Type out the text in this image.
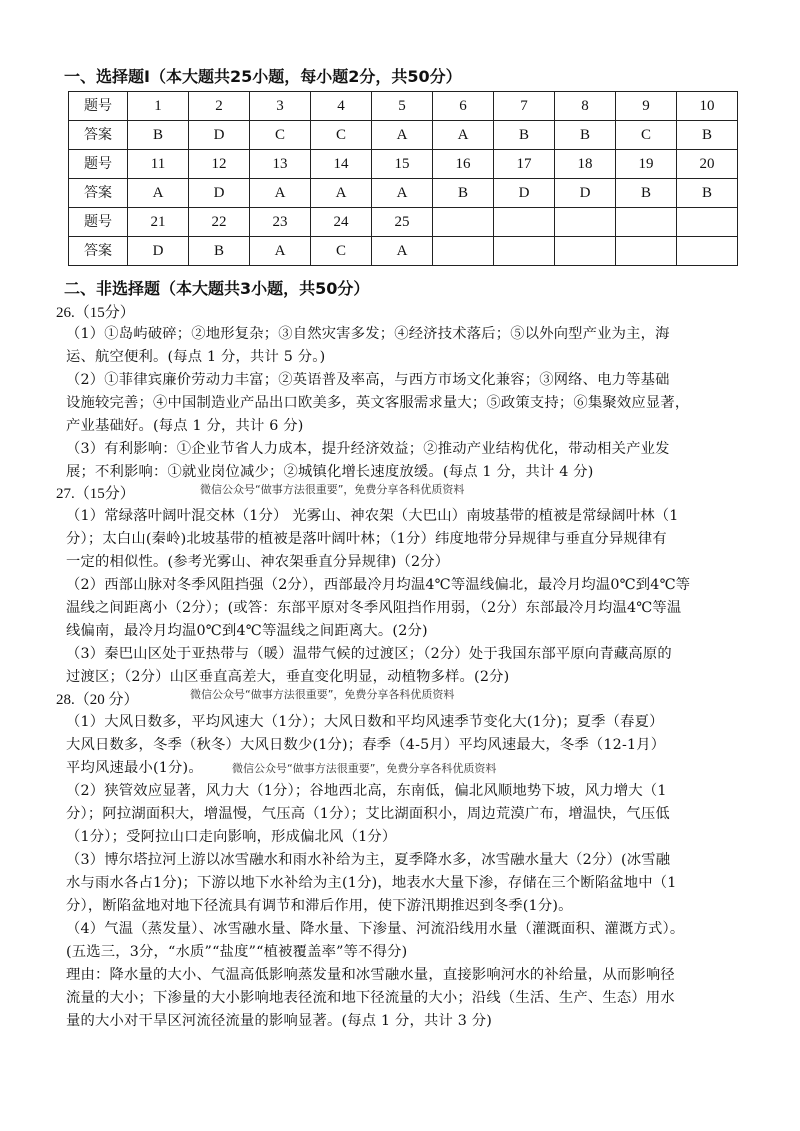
一、选择题Ⅰ（本大题共25小题，每小题2分，共50分）
题号	1	2	3	4	5	6	7	8	9	10
答案	B	D	C	C	A	A	B	B	C	B
题号	11	12	13	14	15	16	17	18	19	20
答案	A	D	A	A	A	B	D	D	B	B
题号	21	22	23	24	25					
答案	D	B	A	C	A					
二、非选择题（本大题共3小题，共50分）
26.（15分）
（1）①岛屿破碎；②地形复杂；③自然灾害多发；④经济技术落后；⑤以外向型产业为主，海
运、航空便利。(每点 1 分，共计 5 分。)
（2）①菲律宾廉价劳动力丰富；②英语普及率高，与西方市场文化兼容；③网络、电力等基础
设施较完善；④中国制造业产品出口欧美多，英文客服需求量大；⑤政策支持；⑥集聚效应显著，
产业基础好。(每点 1 分，共计 6 分)
（3）有利影响：①企业节省人力成本，提升经济效益；②推动产业结构优化，带动相关产业发
展；不利影响：①就业岗位减少；②城镇化增长速度放缓。(每点 1 分，共计 4 分)
27.（15分）	微信公众号“做事方法很重要”，免费分享各科优质资料
（1）常绿落叶阔叶混交林（1分） 光雾山、神农架（大巴山）南坡基带的植被是常绿阔叶林（1
分）；太白山(秦岭)北坡基带的植被是落叶阔叶林；（1分）纬度地带分异规律与垂直分异规律有
一定的相似性。(参考光雾山、神农架垂直分异规律)（2分）
（2）西部山脉对冬季风阻挡强（2分），西部最冷月均温4℃等温线偏北，最冷月均温0℃到4℃等
温线之间距离小（2分）；(或答：东部平原对冬季风阻挡作用弱，（2分）东部最冷月均温4℃等温
线偏南，最冷月均温0℃到4℃等温线之间距离大。(2分)
（3）秦巴山区处于亚热带与（暖）温带气候的过渡区；（2分）处于我国东部平原向青藏高原的
过渡区；（2分）山区垂直高差大，垂直变化明显，动植物多样。(2分)
28.（20 分）	微信公众号“做事方法很重要”，免费分享各科优质资料
（1）大风日数多，平均风速大（1分）；大风日数和平均风速季节变化大(1分)；夏季（春夏）
大风日数多，冬季（秋冬）大风日数少(1分)；春季（4-5月）平均风速最大，冬季（12-1月）
平均风速最小(1分)。	微信公众号“做事方法很重要”，免费分享各科优质资料
（2）狭管效应显著，风力大（1分）；谷地西北高，东南低，偏北风顺地势下坡，风力增大（1
分）；阿拉湖面积大，增温慢，气压高（1分）；艾比湖面积小，周边荒漠广布，增温快，气压低
（1分）；受阿拉山口走向影响，形成偏北风（1分）
（3）博尔塔拉河上游以冰雪融水和雨水补给为主，夏季降水多，冰雪融水量大（2分）(冰雪融
水与雨水各占1分)；下游以地下水补给为主(1分)，地表水大量下渗，存储在三个断陷盆地中（1
分），断陷盆地对地下径流具有调节和滞后作用，使下游汛期推迟到冬季(1分)。
（4）气温（蒸发量）、冰雪融水量、降水量、下渗量、河流沿线用水量（灌溉面积、灌溉方式）。
(五选三，3分，“水质”“盐度”“植被覆盖率”等不得分)
理由：降水量的大小、气温高低影响蒸发量和冰雪融水量，直接影响河水的补给量，从而影响径
流量的大小；下渗量的大小影响地表径流和地下径流量的大小；沿线（生活、生产、生态）用水
量的大小对干旱区河流径流量的影响显著。(每点 1 分，共计 3 分)
